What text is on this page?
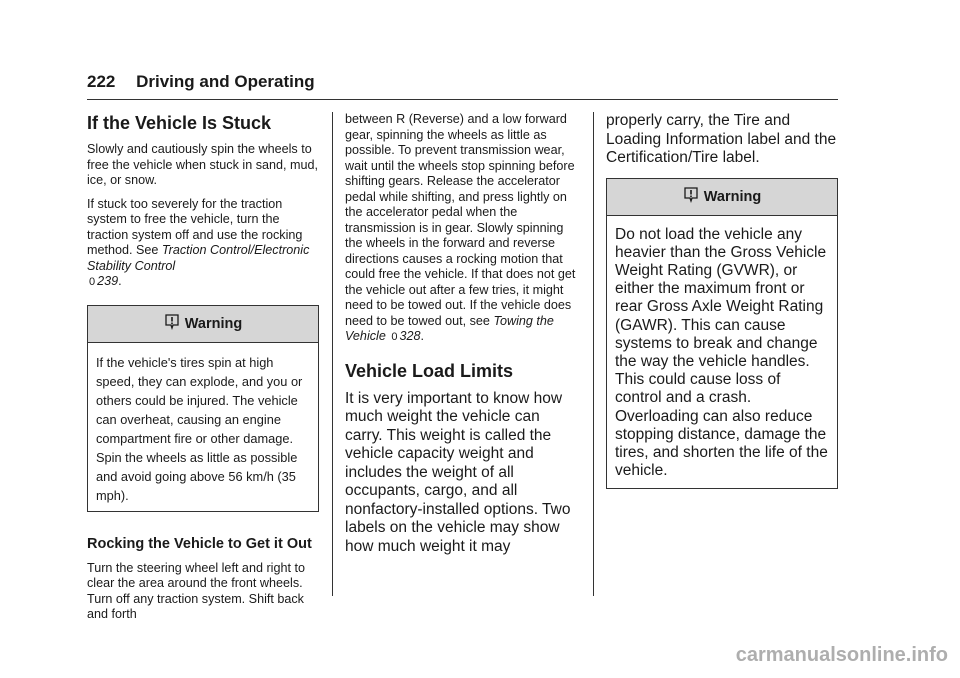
222 Driving and Operating
If the Vehicle Is Stuck

Slowly and cautiously spin the wheels to free the vehicle when stuck in sand, mud, ice, or snow.

If stuck too severely for the traction system to free the vehicle, turn the traction system off and use the rocking method. See Traction Control/Electronic Stability Control
0 239.

Warning

If the vehicle's tires spin at high speed, they can explode, and you or others could be injured. The vehicle can overheat, causing an engine compartment fire or other damage. Spin the wheels as little as possible and avoid going above 56 km/h (35 mph).

Rocking the Vehicle to Get it Out

Turn the steering wheel left and right to clear the area around the front wheels. Turn off any traction system. Shift back and forth

between R (Reverse) and a low forward gear, spinning the wheels as little as possible. To prevent transmission wear, wait until the wheels stop spinning before shifting gears. Release the accelerator pedal while shifting, and press lightly on the accelerator pedal when the transmission is in gear. Slowly spinning the wheels in the forward and reverse directions causes a rocking motion that could free the vehicle. If that does not get the vehicle out after a few tries, it might need to be towed out. If the vehicle does need to be towed out, see Towing the Vehicle 0 328.

Vehicle Load Limits

It is very important to know how much weight the vehicle can carry. This weight is called the vehicle capacity weight and includes the weight of all occupants, cargo, and all nonfactory-installed options. Two labels on the vehicle may show how much weight it may

properly carry, the Tire and Loading Information label and the Certification/Tire label.

Warning

Do not load the vehicle any heavier than the Gross Vehicle Weight Rating (GVWR), or either the maximum front or rear Gross Axle Weight Rating (GAWR). This can cause systems to break and change the way the vehicle handles. This could cause loss of control and a crash. Overloading can also reduce stopping distance, damage the tires, and shorten the life of the vehicle.

carmanualsonline.info
